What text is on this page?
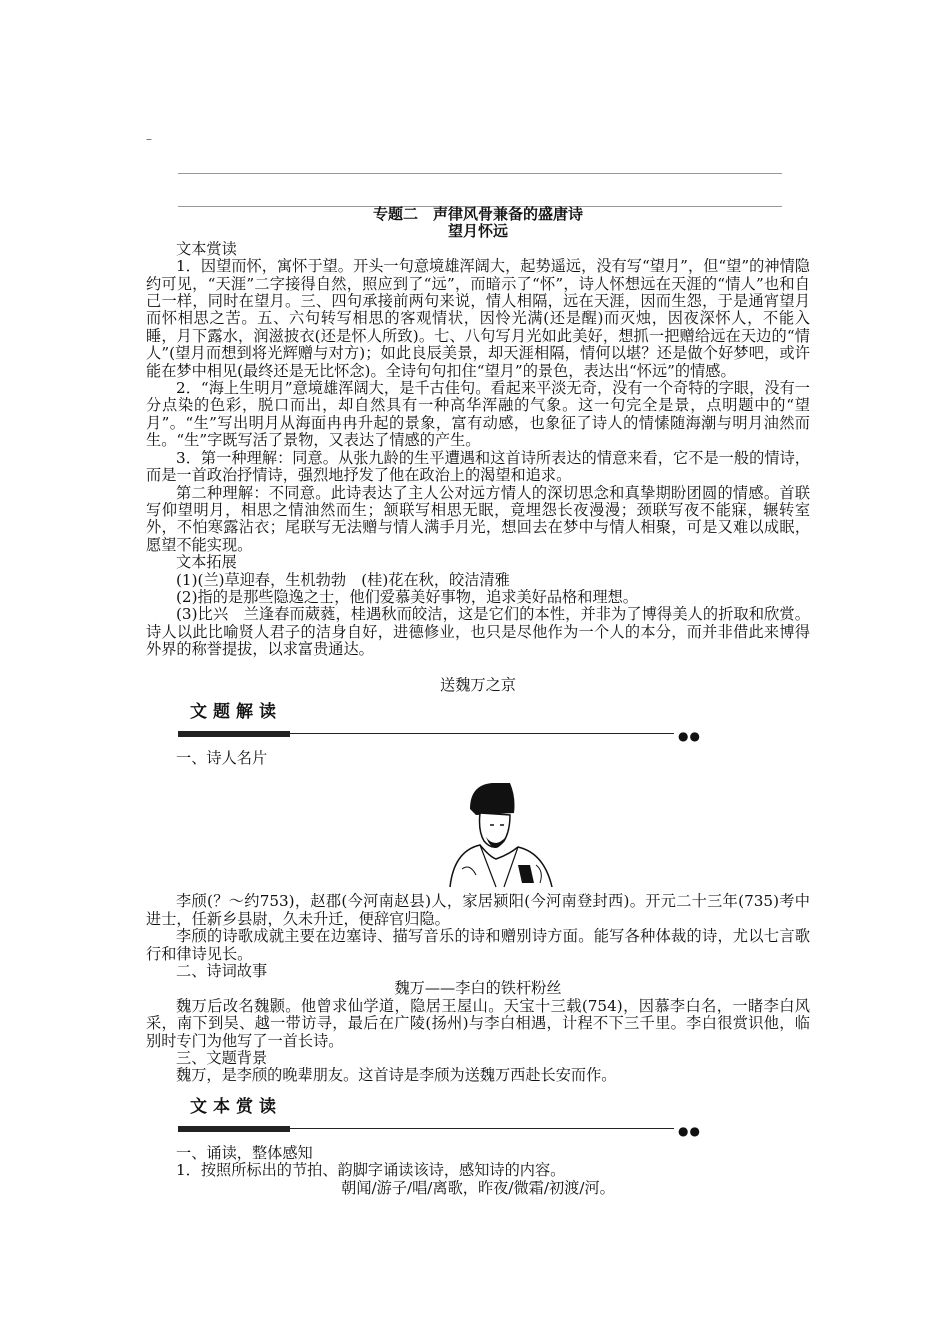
–

专题二　声律风骨兼备的盛唐诗

望月怀远

文本赏读

1．因望而怀，寓怀于望。开头一句意境雄浑阔大，起势遥远，没有写“望月”，但“望”的神情隐约可见，“天涯”二字接得自然，照应到了“远”，而暗示了“怀”，诗人怀想远在天涯的“情人”也和自己一样，同时在望月。三、四句承接前两句来说，情人相隔，远在天涯，因而生怨，于是通宵望月而怀相思之苦。五、六句转写相思的客观情状，因怜光满(还是醒)而灭烛，因夜深怀人，不能入睡，月下露水，润滋披衣(还是怀人所致)。七、八句写月光如此美好，想抓一把赠给远在天边的“情人”(望月而想到将光辉赠与对方)；如此良辰美景，却天涯相隔，情何以堪？还是做个好梦吧，或许能在梦中相见(最终还是无比怀念)。全诗句句扣住“望月”的景色，表达出“怀远”的情感。

2．“海上生明月”意境雄浑阔大，是千古佳句。看起来平淡无奇，没有一个奇特的字眼，没有一分点染的色彩，脱口而出，却自然具有一种高华浑融的气象。这一句完全是景，点明题中的“望月”。“生”写出明月从海面冉冉升起的景象，富有动感，也象征了诗人的情愫随海潮与明月油然而生。“生”字既写活了景物，又表达了情感的产生。

3．第一种理解：同意。从张九龄的生平遭遇和这首诗所表达的情意来看，它不是一般的情诗，而是一首政治抒情诗，强烈地抒发了他在政治上的渴望和追求。

第二种理解：不同意。此诗表达了主人公对远方情人的深切思念和真挚期盼团圆的情感。首联写仰望明月，相思之情油然而生；颔联写相思无眠，竟埋怨长夜漫漫；颈联写夜不能寐，辗转室外，不怕寒露沾衣；尾联写无法赠与情人满手月光，想回去在梦中与情人相聚，可是又难以成眠，愿望不能实现。

文本拓展

(1)(兰)草迎春，生机勃勃　(桂)花在秋，皎洁清雅

(2)指的是那些隐逸之士，他们爱慕美好事物，追求美好品格和理想。

(3)比兴　兰逢春而葳蕤，桂遇秋而皎洁，这是它们的本性，并非为了博得美人的折取和欣赏。诗人以此比喻贤人君子的洁身自好，进德修业，也只是尽他作为一个人的本分，而并非借此来博得外界的称誉提拔，以求富贵通达。

送魏万之京

文题解读
●●

一、诗人名片

李颀(？～约753)，赵郡(今河南赵县)人，家居颍阳(今河南登封西)。开元二十三年(735)考中进士，任新乡县尉，久未升迁，便辞官归隐。

李颀的诗歌成就主要在边塞诗、描写音乐的诗和赠别诗方面。能写各种体裁的诗，尤以七言歌行和律诗见长。

二、诗词故事

魏万——李白的铁杆粉丝

魏万后改名魏颢。他曾求仙学道，隐居王屋山。天宝十三载(754)，因慕李白名，一睹李白风采，南下到吴、越一带访寻，最后在广陵(扬州)与李白相遇，计程不下三千里。李白很赏识他，临别时专门为他写了一首长诗。

三、文题背景

魏万，是李颀的晚辈朋友。这首诗是李颀为送魏万西赴长安而作。

文本赏读
●●

一、诵读，整体感知

1．按照所标出的节拍、韵脚字诵读该诗，感知诗的内容。

朝闻/游子/唱/离歌，昨夜/微霜/初渡/河。
